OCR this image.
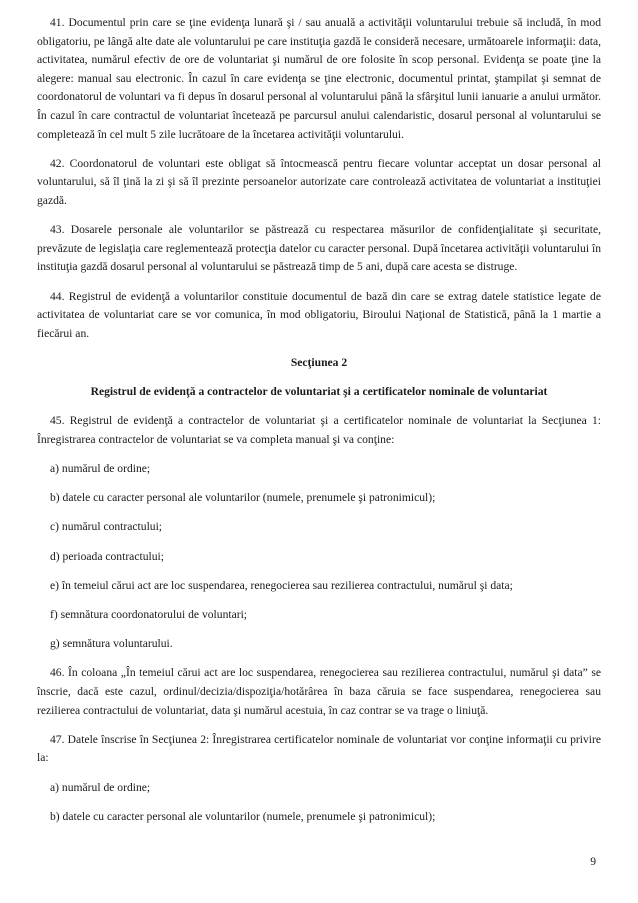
41. Documentul prin care se ţine evidenţa lunară şi / sau anuală a activităţii voluntarului trebuie să includă, în mod obligatoriu, pe lângă alte date ale voluntarului pe care instituţia gazdă le consideră necesare, următoarele informaţii: data, activitatea, numărul efectiv de ore de voluntariat şi numărul de ore folosite în scop personal. Evidenţa se poate ţine la alegere: manual sau electronic. În cazul în care evidenţa se ţine electronic, documentul printat, ştampilat şi semnat de coordonatorul de voluntari va fi depus în dosarul personal al voluntarului până la sfârşitul lunii ianuarie a anului următor. În cazul în care contractul de voluntariat încetează pe parcursul anului calendaristic, dosarul personal al voluntarului se completează în cel mult 5 zile lucrătoare de la încetarea activităţii voluntarului.

42. Coordonatorul de voluntari este obligat să întocmească pentru fiecare voluntar acceptat un dosar personal al voluntarului, să îl ţină la zi şi să îl prezinte persoanelor autorizate care controlează activitatea de voluntariat a instituţiei gazdă.

43. Dosarele personale ale voluntarilor se păstrează cu respectarea măsurilor de confidenţialitate şi securitate, prevăzute de legislaţia care reglementează protecţia datelor cu caracter personal. După încetarea activităţii voluntarului în instituţia gazdă dosarul personal al voluntarului se păstrează timp de 5 ani, după care acesta se distruge.

44. Registrul de evidenţă a voluntarilor constituie documentul de bază din care se extrag datele statistice legate de activitatea de voluntariat care se vor comunica, în mod obligatoriu, Biroului Naţional de Statistică, până la 1 martie a fiecărui an.

Secţiunea 2

Registrul de evidenţă a contractelor de voluntariat şi a certificatelor nominale de voluntariat

45. Registrul de evidenţă a contractelor de voluntariat şi a certificatelor nominale de voluntariat la Secţiunea 1: Înregistrarea contractelor de voluntariat se va completa manual şi va conţine:

a) numărul de ordine;

b) datele cu caracter personal ale voluntarilor (numele, prenumele şi patronimicul);

c) numărul contractului;

d) perioada contractului;

e) în temeiul cărui act are loc suspendarea, renegocierea sau rezilierea contractului, numărul şi data;

f) semnătura coordonatorului de voluntari;

g) semnătura voluntarului.

46. În coloana „În temeiul cărui act are loc suspendarea, renegocierea sau rezilierea contractului, numărul şi data” se înscrie, dacă este cazul, ordinul/decizia/dispoziţia/hotărârea în baza căruia se face suspendarea, renegocierea sau rezilierea contractului de voluntariat, data şi numărul acestuia, în caz contrar se va trage o liniuţă.

47. Datele înscrise în Secţiunea 2: Înregistrarea certificatelor nominale de voluntariat vor conţine informaţii cu privire la:

a) numărul de ordine;

b) datele cu caracter personal ale voluntarilor (numele, prenumele şi patronimicul);

9
